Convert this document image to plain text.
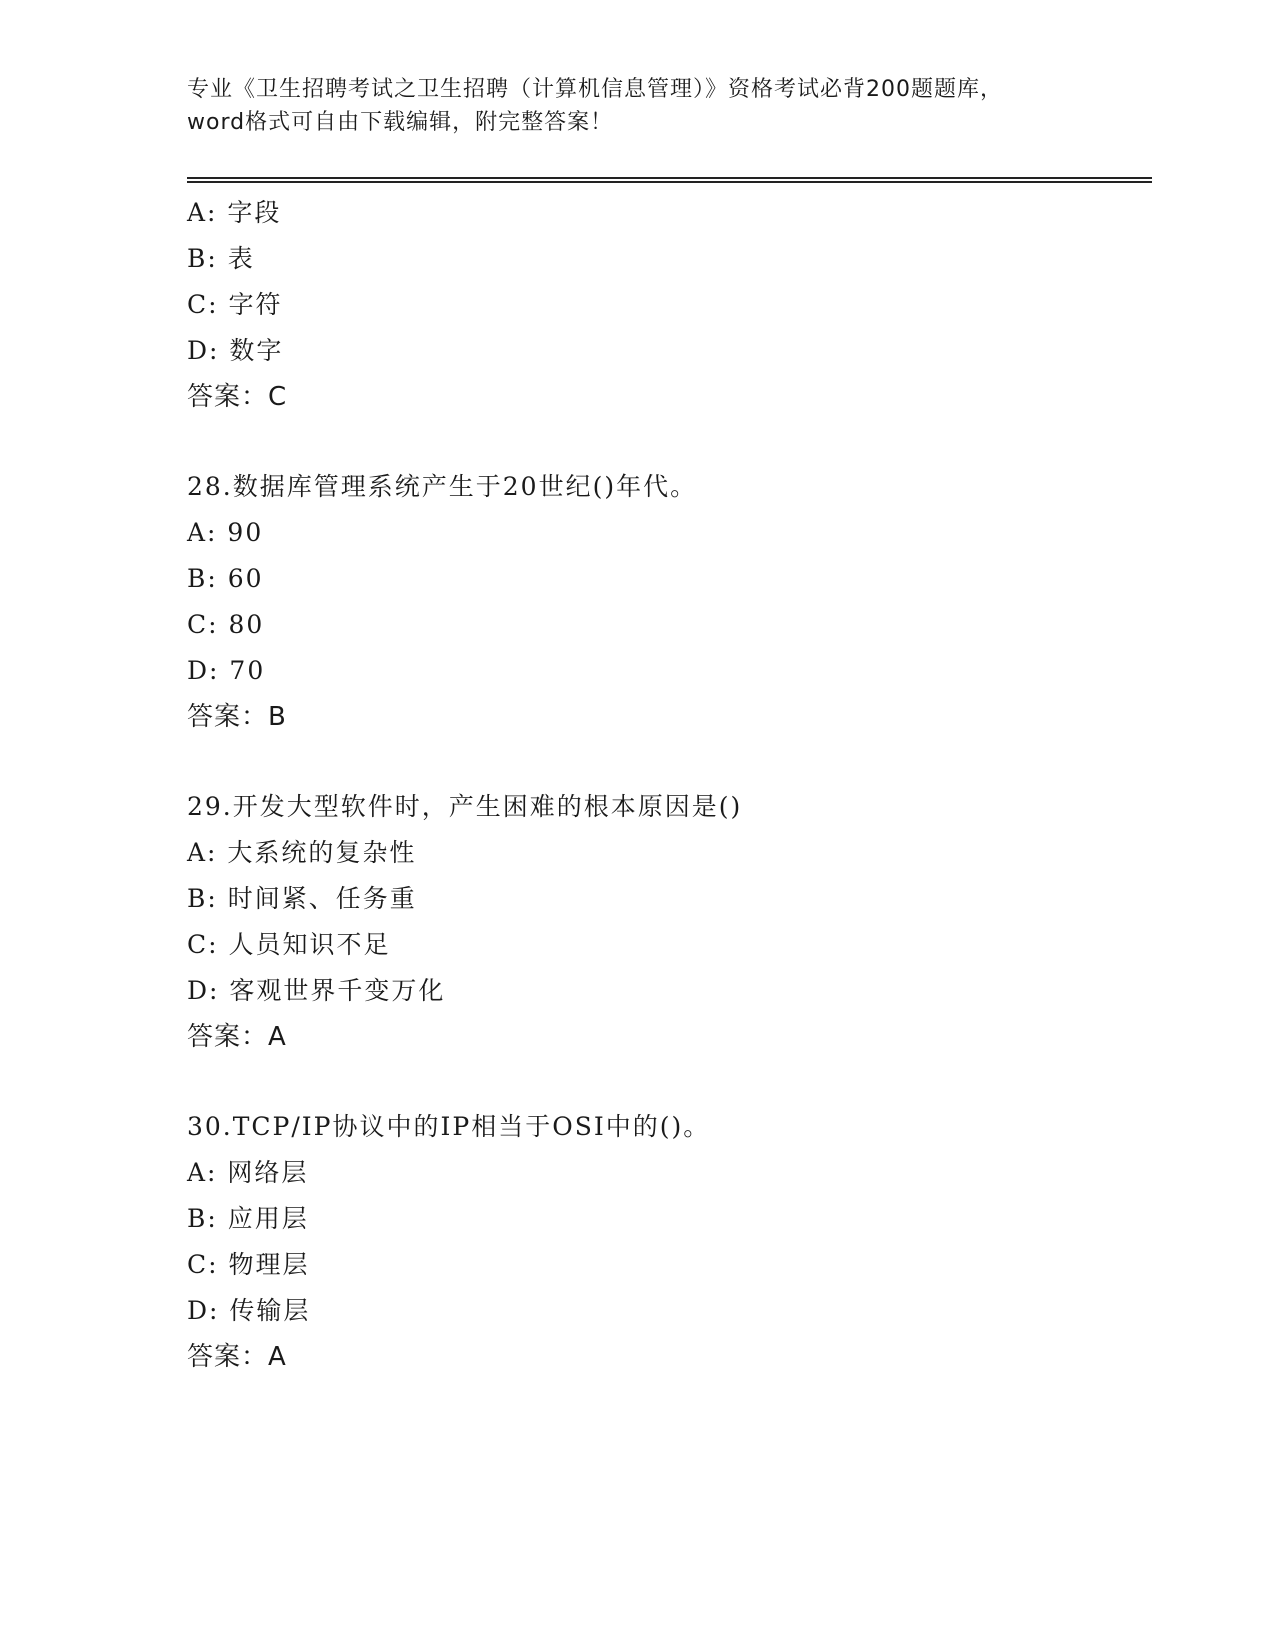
专业《卫生招聘考试之卫生招聘（计算机信息管理）》资格考试必背200题题库，
word格式可自由下载编辑，附完整答案！
A: 字段
B: 表
C: 字符
D: 数字
答案：C
28.数据库管理系统产生于20世纪()年代。
A: 90
B: 60
C: 80
D: 70
答案：B
29.开发大型软件时，产生困难的根本原因是()
A: 大系统的复杂性
B: 时间紧、任务重
C: 人员知识不足
D: 客观世界千变万化
答案：A
30.TCP/IP协议中的IP相当于OSI中的()。
A: 网络层
B: 应用层
C: 物理层
D: 传输层
答案：A
